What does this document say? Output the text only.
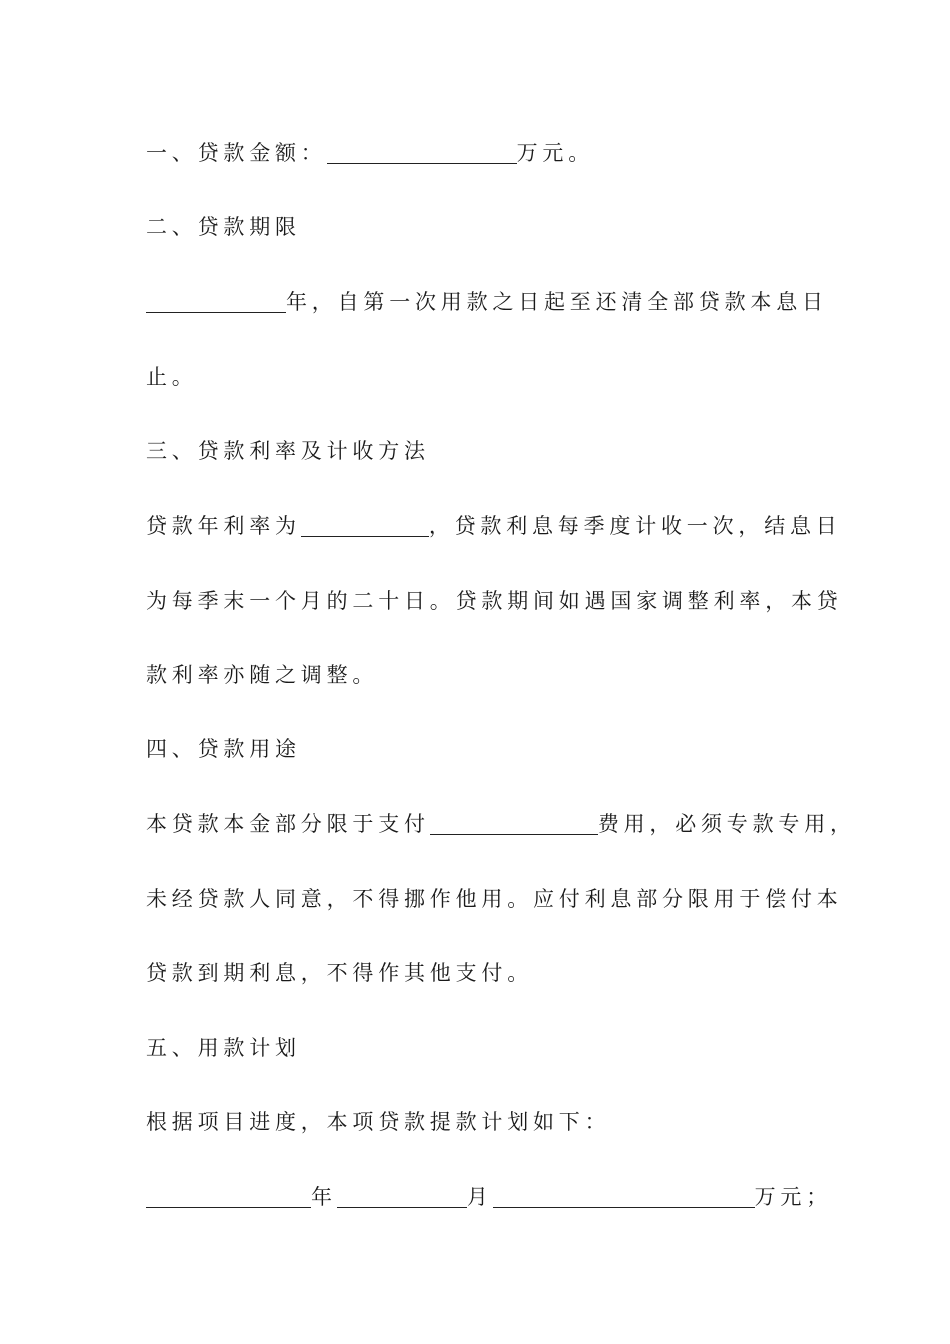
一、贷款金额：	万元。
二、贷款期限
年，自第一次用款之日起至还清全部贷款本息日
止。
三、贷款利率及计收方法
贷款年利率为	，贷款利息每季度计收一次，结息日
为每季末一个月的二十日。贷款期间如遇国家调整利率，本贷
款利率亦随之调整。
四、贷款用途
本贷款本金部分限于支付	费用，必须专款专用，
未经贷款人同意，不得挪作他用。应付利息部分限用于偿付本
贷款到期利息，不得作其他支付。
五、用款计划
根据项目进度，本项贷款提款计划如下：
年	月	万元；
